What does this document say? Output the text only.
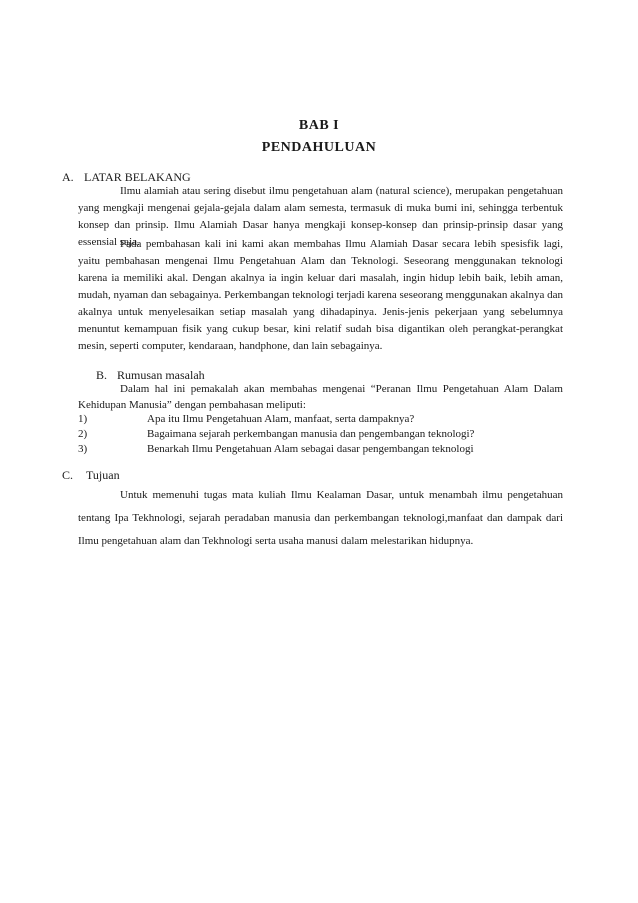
BAB I
PENDAHULUAN
A. LATAR BELAKANG
Ilmu alamiah atau sering disebut ilmu pengetahuan alam (natural science), merupakan pengetahuan yang mengkaji mengenai gejala-gejala dalam alam semesta, termasuk di muka bumi ini, sehingga terbentuk konsep dan prinsip. Ilmu Alamiah Dasar hanya mengkaji konsep-konsep dan prinsip-prinsip dasar yang essensial saja.
Pada pembahasan kali ini kami akan membahas Ilmu Alamiah Dasar secara lebih spesisfik lagi, yaitu pembahasan mengenai Ilmu Pengetahuan Alam dan Teknologi. Seseorang menggunakan teknologi karena ia memiliki akal. Dengan akalnya ia ingin keluar dari masalah, ingin hidup lebih baik, lebih aman, mudah, nyaman dan sebagainya. Perkembangan teknologi terjadi karena seseorang menggunakan akalnya dan akalnya untuk menyelesaikan setiap masalah yang dihadapinya. Jenis-jenis pekerjaan yang sebelumnya menuntut kemampuan fisik yang cukup besar, kini relatif sudah bisa digantikan oleh perangkat-perangkat mesin, seperti computer, kendaraan, handphone, dan lain sebagainya.
B. Rumusan masalah
Dalam hal ini pemakalah akan membahas mengenai “Peranan Ilmu Pengetahuan Alam Dalam Kehidupan Manusia” dengan pembahasan meliputi:
1)	Apa itu Ilmu Pengetahuan Alam, manfaat, serta dampaknya?
2)	Bagaimana sejarah perkembangan manusia dan pengembangan teknologi?
3)	Benarkah Ilmu Pengetahuan Alam sebagai dasar pengembangan teknologi
C. Tujuan
Untuk memenuhi tugas mata kuliah Ilmu Kealaman Dasar, untuk menambah ilmu pengetahuan tentang Ipa Tekhnologi, sejarah peradaban manusia dan perkembangan teknologi,manfaat dan dampak dari Ilmu pengetahuan alam dan Tekhnologi serta usaha manusi dalam melestarikan hidupnya.
